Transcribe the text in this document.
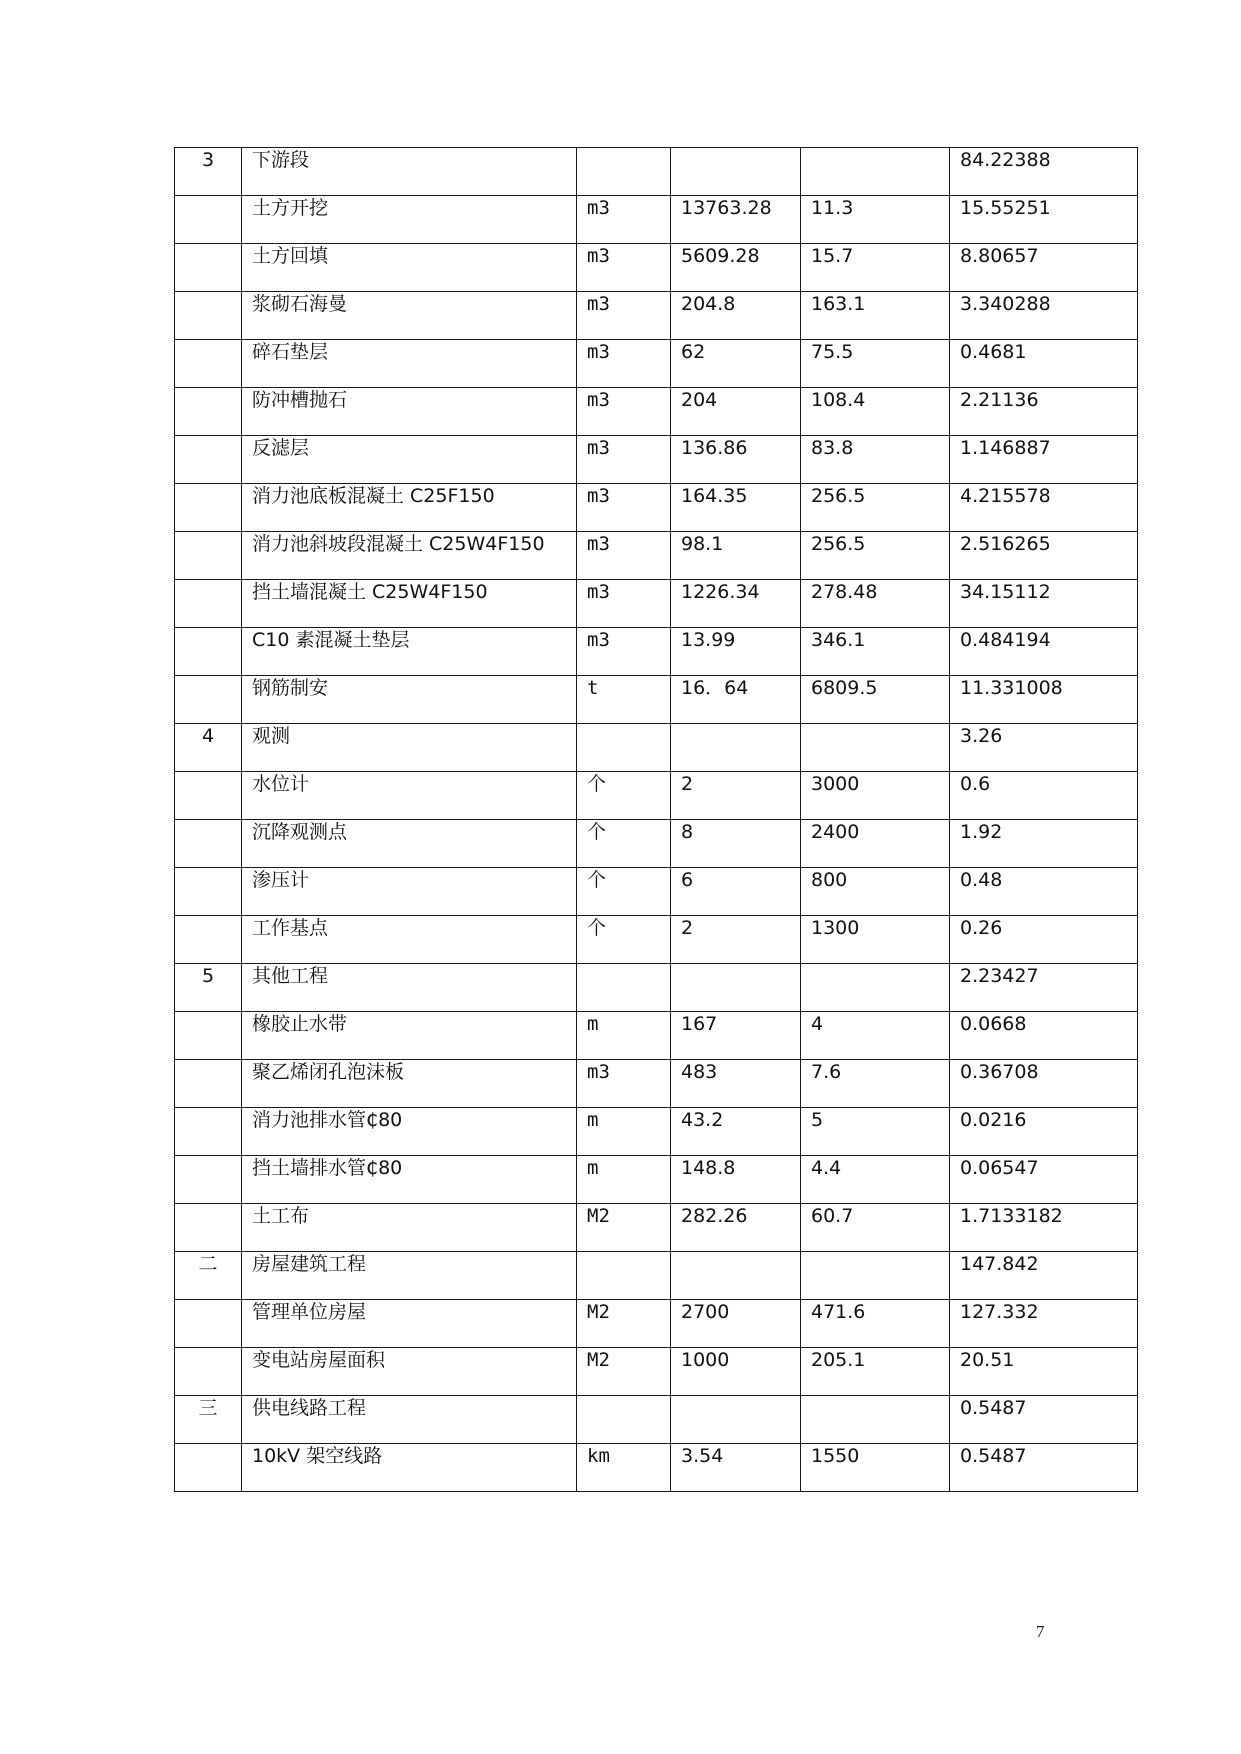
3	下游段				84.22388
	土方开挖	m3	13763.28	11.3	15.55251
	土方回填	m3	5609.28	15.7	8.80657
	浆砌石海曼	m3	204.8	163.1	3.340288
	碎石垫层	m3	62	75.5	0.4681
	防冲槽抛石	m3	204	108.4	2.21136
	反滤层	m3	136.86	83.8	1.146887
	消力池底板混凝土 C25F150	m3	164.35	256.5	4.215578
	消力池斜坡段混凝土 C25W4F150	m3	98.1	256.5	2.516265
	挡土墙混凝土 C25W4F150	m3	1226.34	278.48	34.15112
	C10 素混凝土垫层	m3	13.99	346.1	0.484194
	钢筋制安	t	16．64	6809.5	11.331008
4	观测				3.26
	水位计	个	2	3000	0.6
	沉降观测点	个	8	2400	1.92
	渗压计	个	6	800	0.48
	工作基点	个	2	1300	0.26
5	其他工程				2.23427
	橡胶止水带	m	167	4	0.0668
	聚乙烯闭孔泡沫板	m3	483	7.6	0.36708
	消力池排水管₵80	m	43.2	5	0.0216
	挡土墙排水管₵80	m	148.8	4.4	0.06547
	土工布	M2	282.26	60.7	1.7133182
二	房屋建筑工程				147.842
	管理单位房屋	M2	2700	471.6	127.332
	变电站房屋面积	M2	1000	205.1	20.51
三	供电线路工程				0.5487
	10kV 架空线路	km	3.54	1550	0.5487
7
